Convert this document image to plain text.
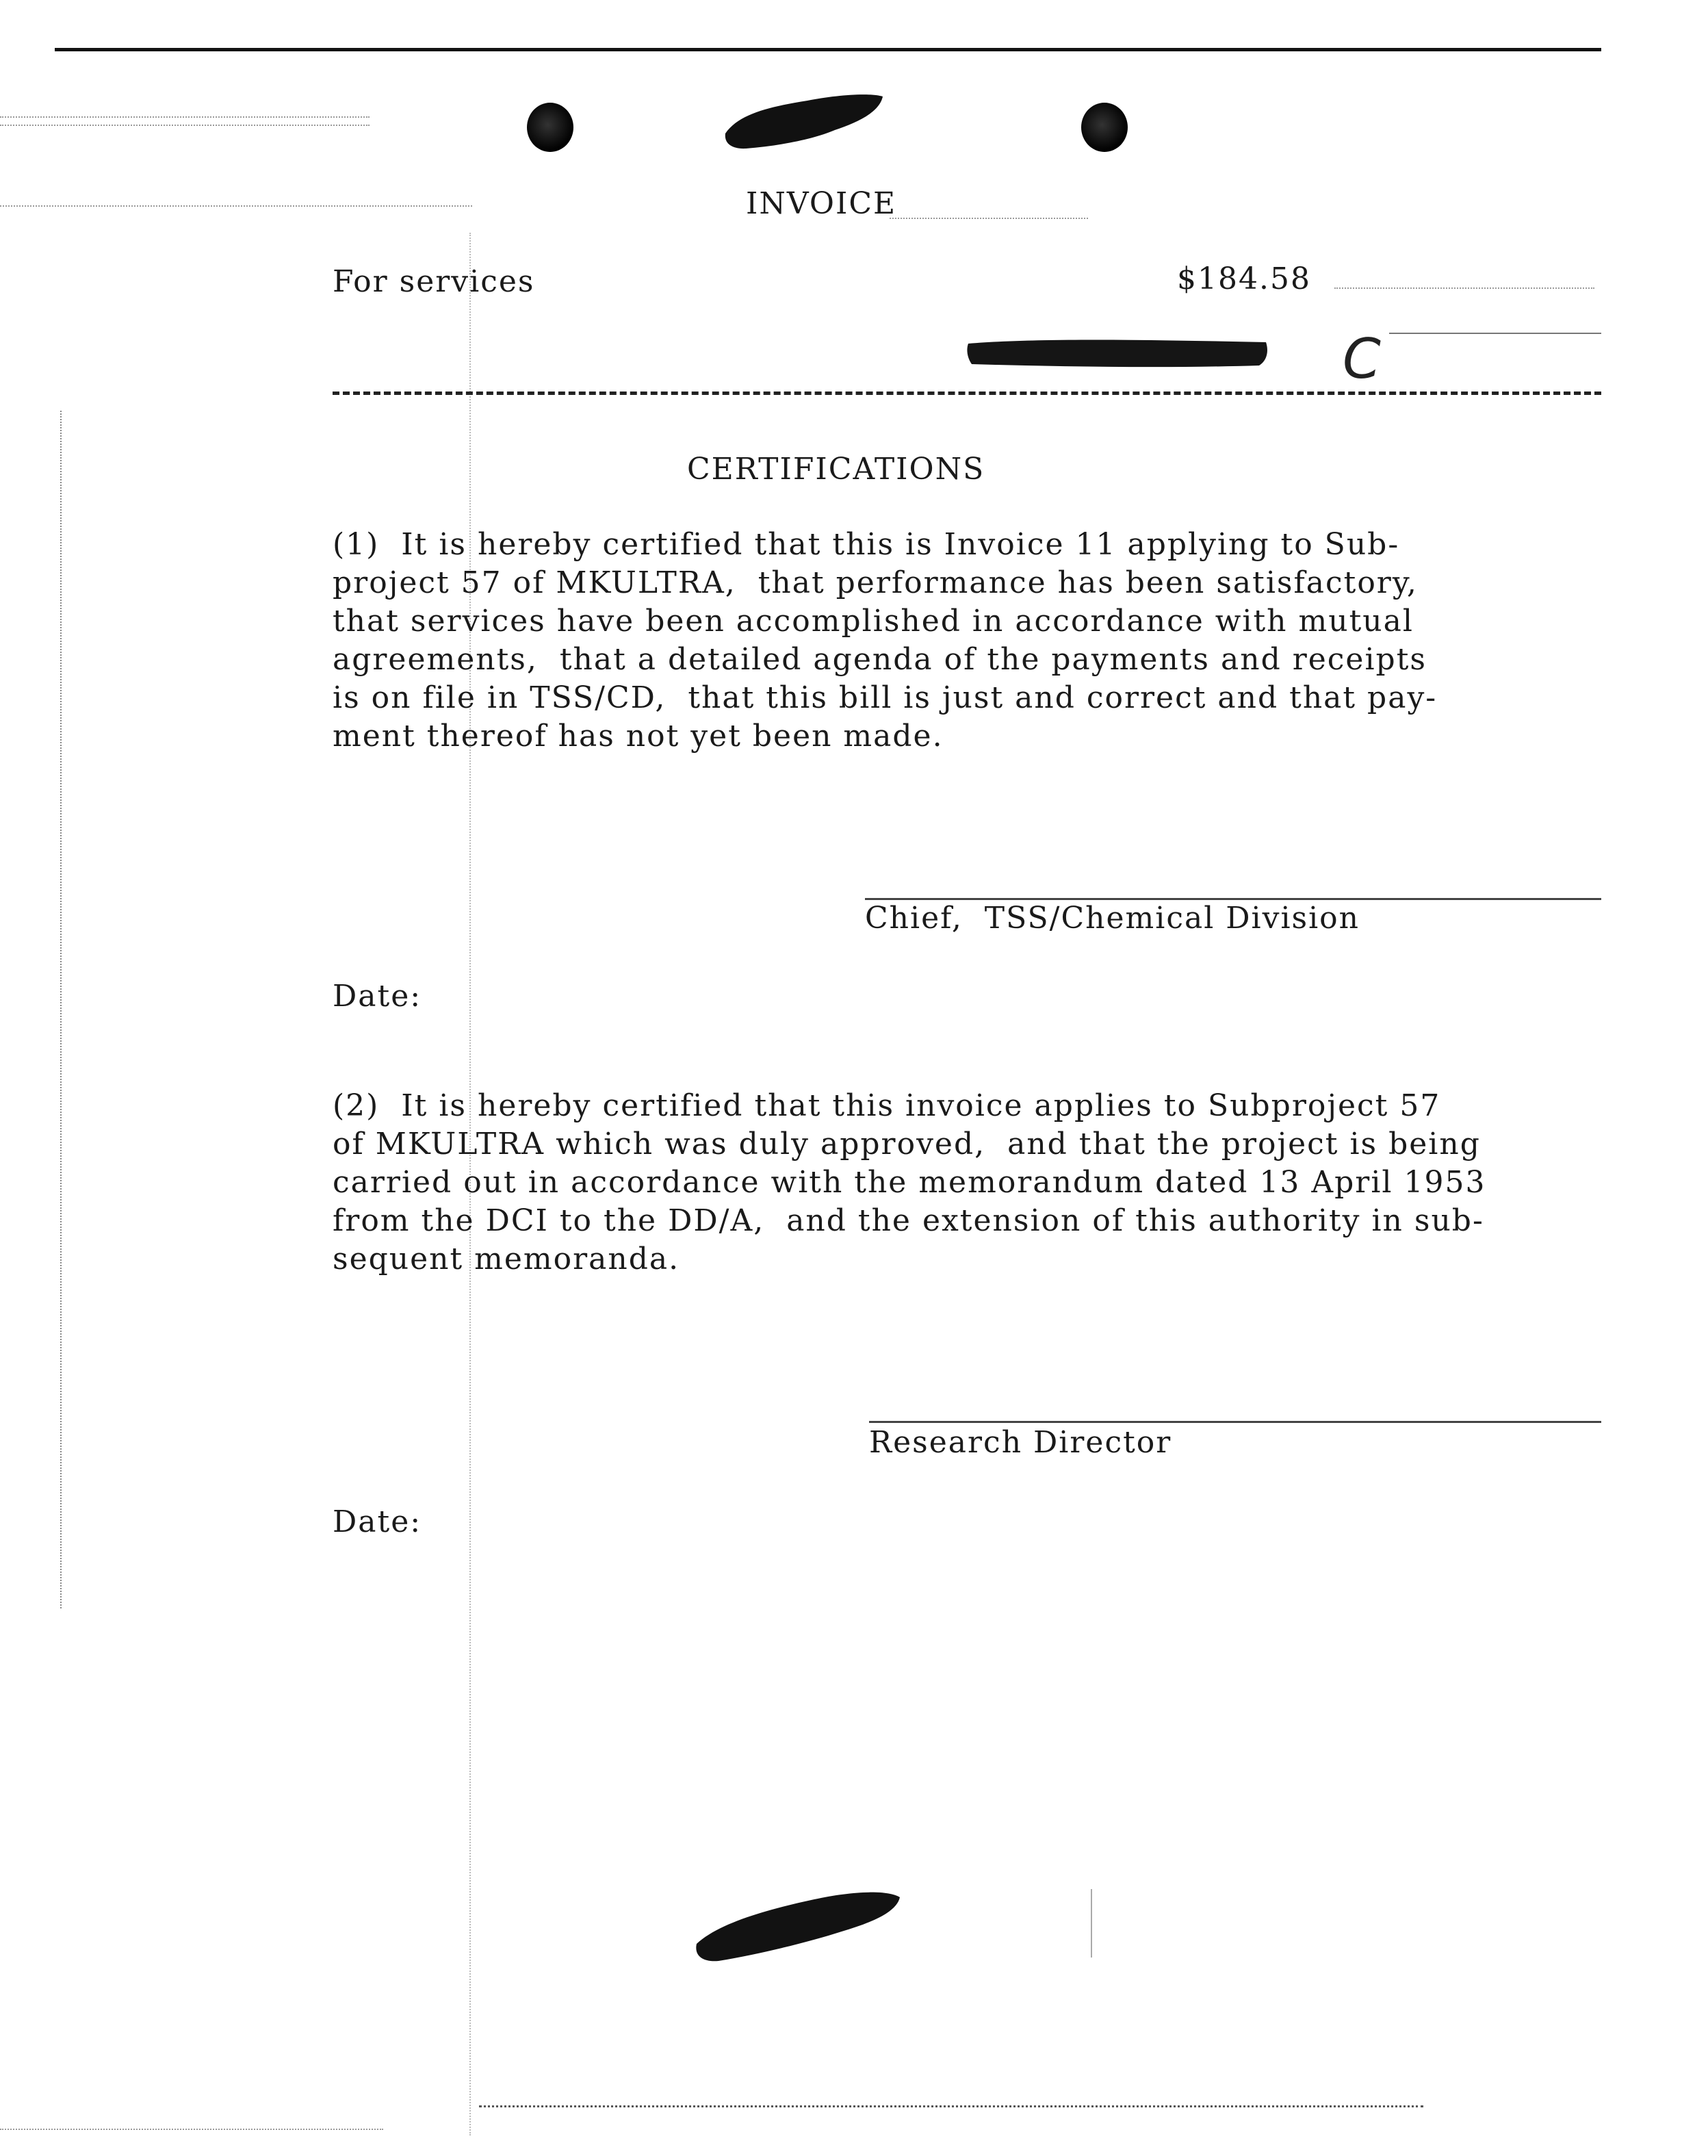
INVOICE
For services	$184.58
C
CERTIFICATIONS
(1)  It is hereby certified that this is Invoice 11 applying to Sub-
project 57 of MKULTRA,  that performance has been satisfactory,
that services have been accomplished in accordance with mutual
agreements,  that a detailed agenda of the payments and receipts
is on file in TSS/CD,  that this bill is just and correct and that pay-
ment thereof has not yet been made.
Chief,  TSS/Chemical Division
Date:
(2)  It is hereby certified that this invoice applies to Subproject 57
of MKULTRA which was duly approved,  and that the project is being
carried out in accordance with the memorandum dated 13 April 1953
from the DCI to the DD/A,  and the extension of this authority in sub-
sequent memoranda.
Research Director
Date:
